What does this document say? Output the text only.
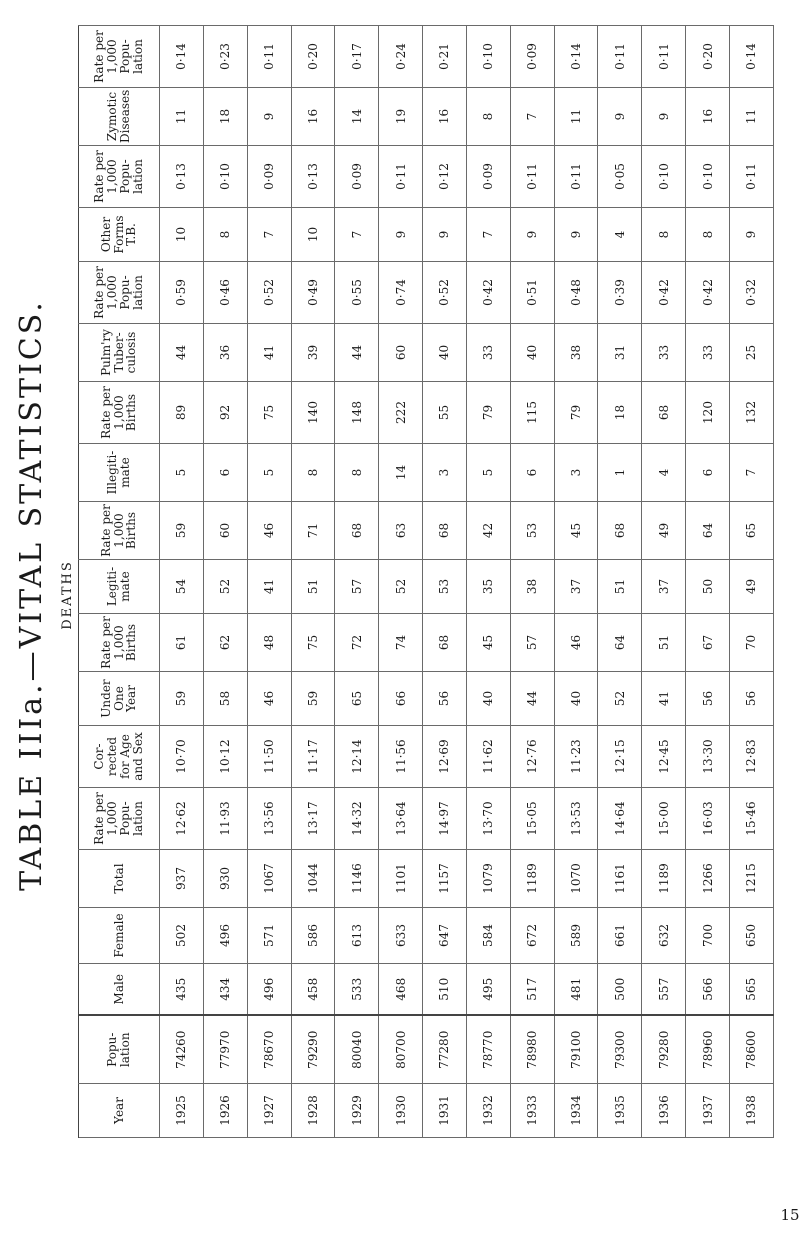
TABLE IIIa.—VITAL STATISTICS. DEATHS
Year	Popu- lation	Male	Female	Total	Rate per 1,000 Popu- lation	Cor- rected for Age and Sex	Under One Year	Rate per 1,000 Births	Legiti- mate	Rate per 1,000 Births	Illegiti- mate	Rate per 1,000 Births	Pulm'ry Tuber- culosis	Rate per 1,000 Popu- lation	Other Forms T.B.	Rate per 1,000 Popu- lation	Zymotic Diseases	Rate per 1,000 Popu- lation
1925	74260	435	502	937	12·62	10·70	59	61	54	59	5	89	44	0·59	10	0·13	11	0·14
1926	77970	434	496	930	11·93	10·12	58	62	52	60	6	92	36	0·46	8	0·10	18	0·23
1927	78670	496	571	1067	13·56	11·50	46	48	41	46	5	75	41	0·52	7	0·09	9	0·11
1928	79290	458	586	1044	13·17	11·17	59	75	51	71	8	140	39	0·49	10	0·13	16	0·20
1929	80040	533	613	1146	14·32	12·14	65	72	57	68	8	148	44	0·55	7	0·09	14	0·17
1930	80700	468	633	1101	13·64	11·56	66	74	52	63	14	222	60	0·74	9	0·11	19	0·24
1931	77280	510	647	1157	14·97	12·69	56	68	53	68	3	55	40	0·52	9	0·12	16	0·21
1932	78770	495	584	1079	13·70	11·62	40	45	35	42	5	79	33	0·42	7	0·09	8	0·10
1933	78980	517	672	1189	15·05	12·76	44	57	38	53	6	115	40	0·51	9	0·11	7	0·09
1934	79100	481	589	1070	13·53	11·23	40	46	37	45	3	79	38	0·48	9	0·11	11	0·14
1935	79300	500	661	1161	14·64	12·15	52	64	51	68	1	18	31	0·39	4	0·05	9	0·11
1936	79280	557	632	1189	15·00	12·45	41	51	37	49	4	68	33	0·42	8	0·10	9	0·11
1937	78960	566	700	1266	16·03	13·30	56	67	50	64	6	120	33	0·42	8	0·10	16	0·20
1938	78600	565	650	1215	15·46	12·83	56	70	49	65	7	132	25	0·32	9	0·11	11	0·14
15
